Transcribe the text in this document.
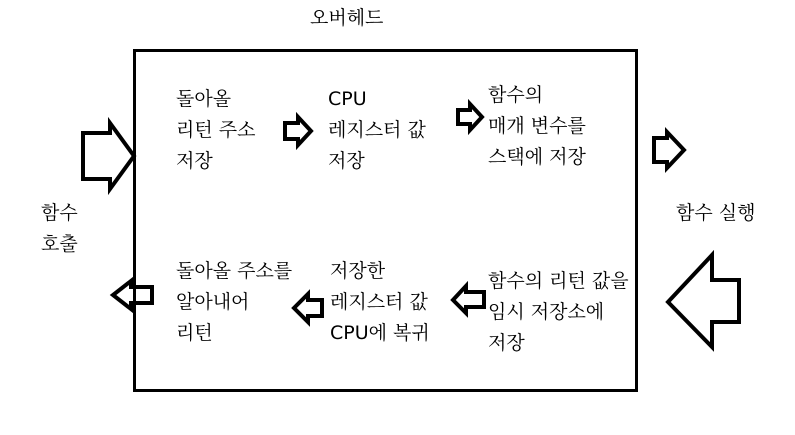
오버헤드
함수
호출
함수 실행
돌아올
리턴 주소
저장
CPU
레지스터 값
저장
함수의
매개 변수를
스택에 저장
돌아올 주소를
알아내어
리턴
저장한
레지스터 값
CPU에 복귀
함수의 리턴 값을
임시 저장소에
저장
